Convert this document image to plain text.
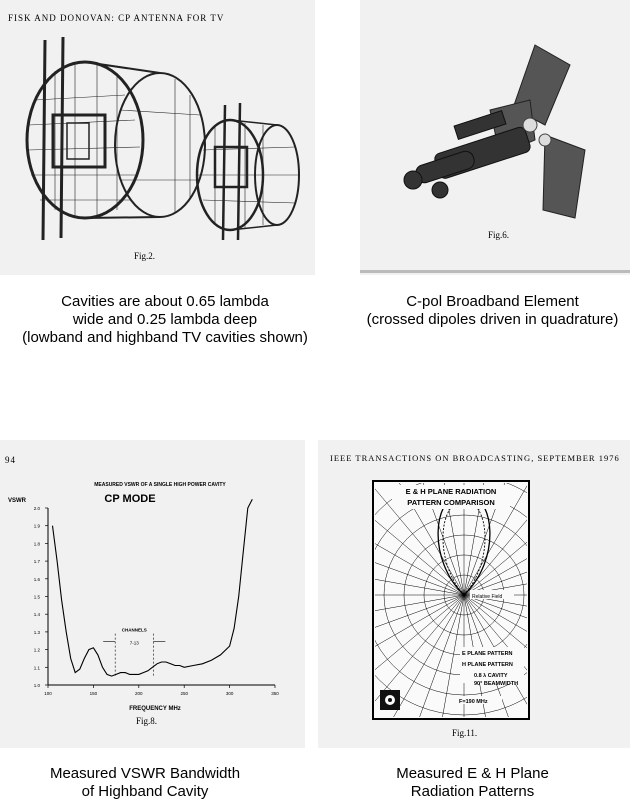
FISK AND DONOVAN: CP ANTENNA FOR TV
Fig.2.
Cavities are about 0.65 lambda
wide and 0.25 lambda deep
(lowband and highband TV cavities shown)
Fig.6.
C-pol Broadband Element
(crossed dipoles driven in quadrature)
94
MEASURED VSWR OF A SINGLE HIGH POWER CAVITY
CP MODE
VSWR
1.0
1.1
1.2
1.3
1.4
1.5
1.6
1.7
1.8
1.9
2.0
100	150	200	250	300	350
CHANNELS
7-13
FREQUENCY MHz
Fig.8.
Measured VSWR Bandwidth
of Highband Cavity
IEEE TRANSACTIONS ON BROADCASTING, SEPTEMBER 1976
E & H PLANE RADIATION
PATTERN COMPARISON
Relative Field
E PLANE PATTERN
H PLANE PATTERN
0.8 λ CAVITY
90° BEAMWIDTH
F=190 MHz
Fig.11.
Measured E & H Plane
Radiation Patterns
